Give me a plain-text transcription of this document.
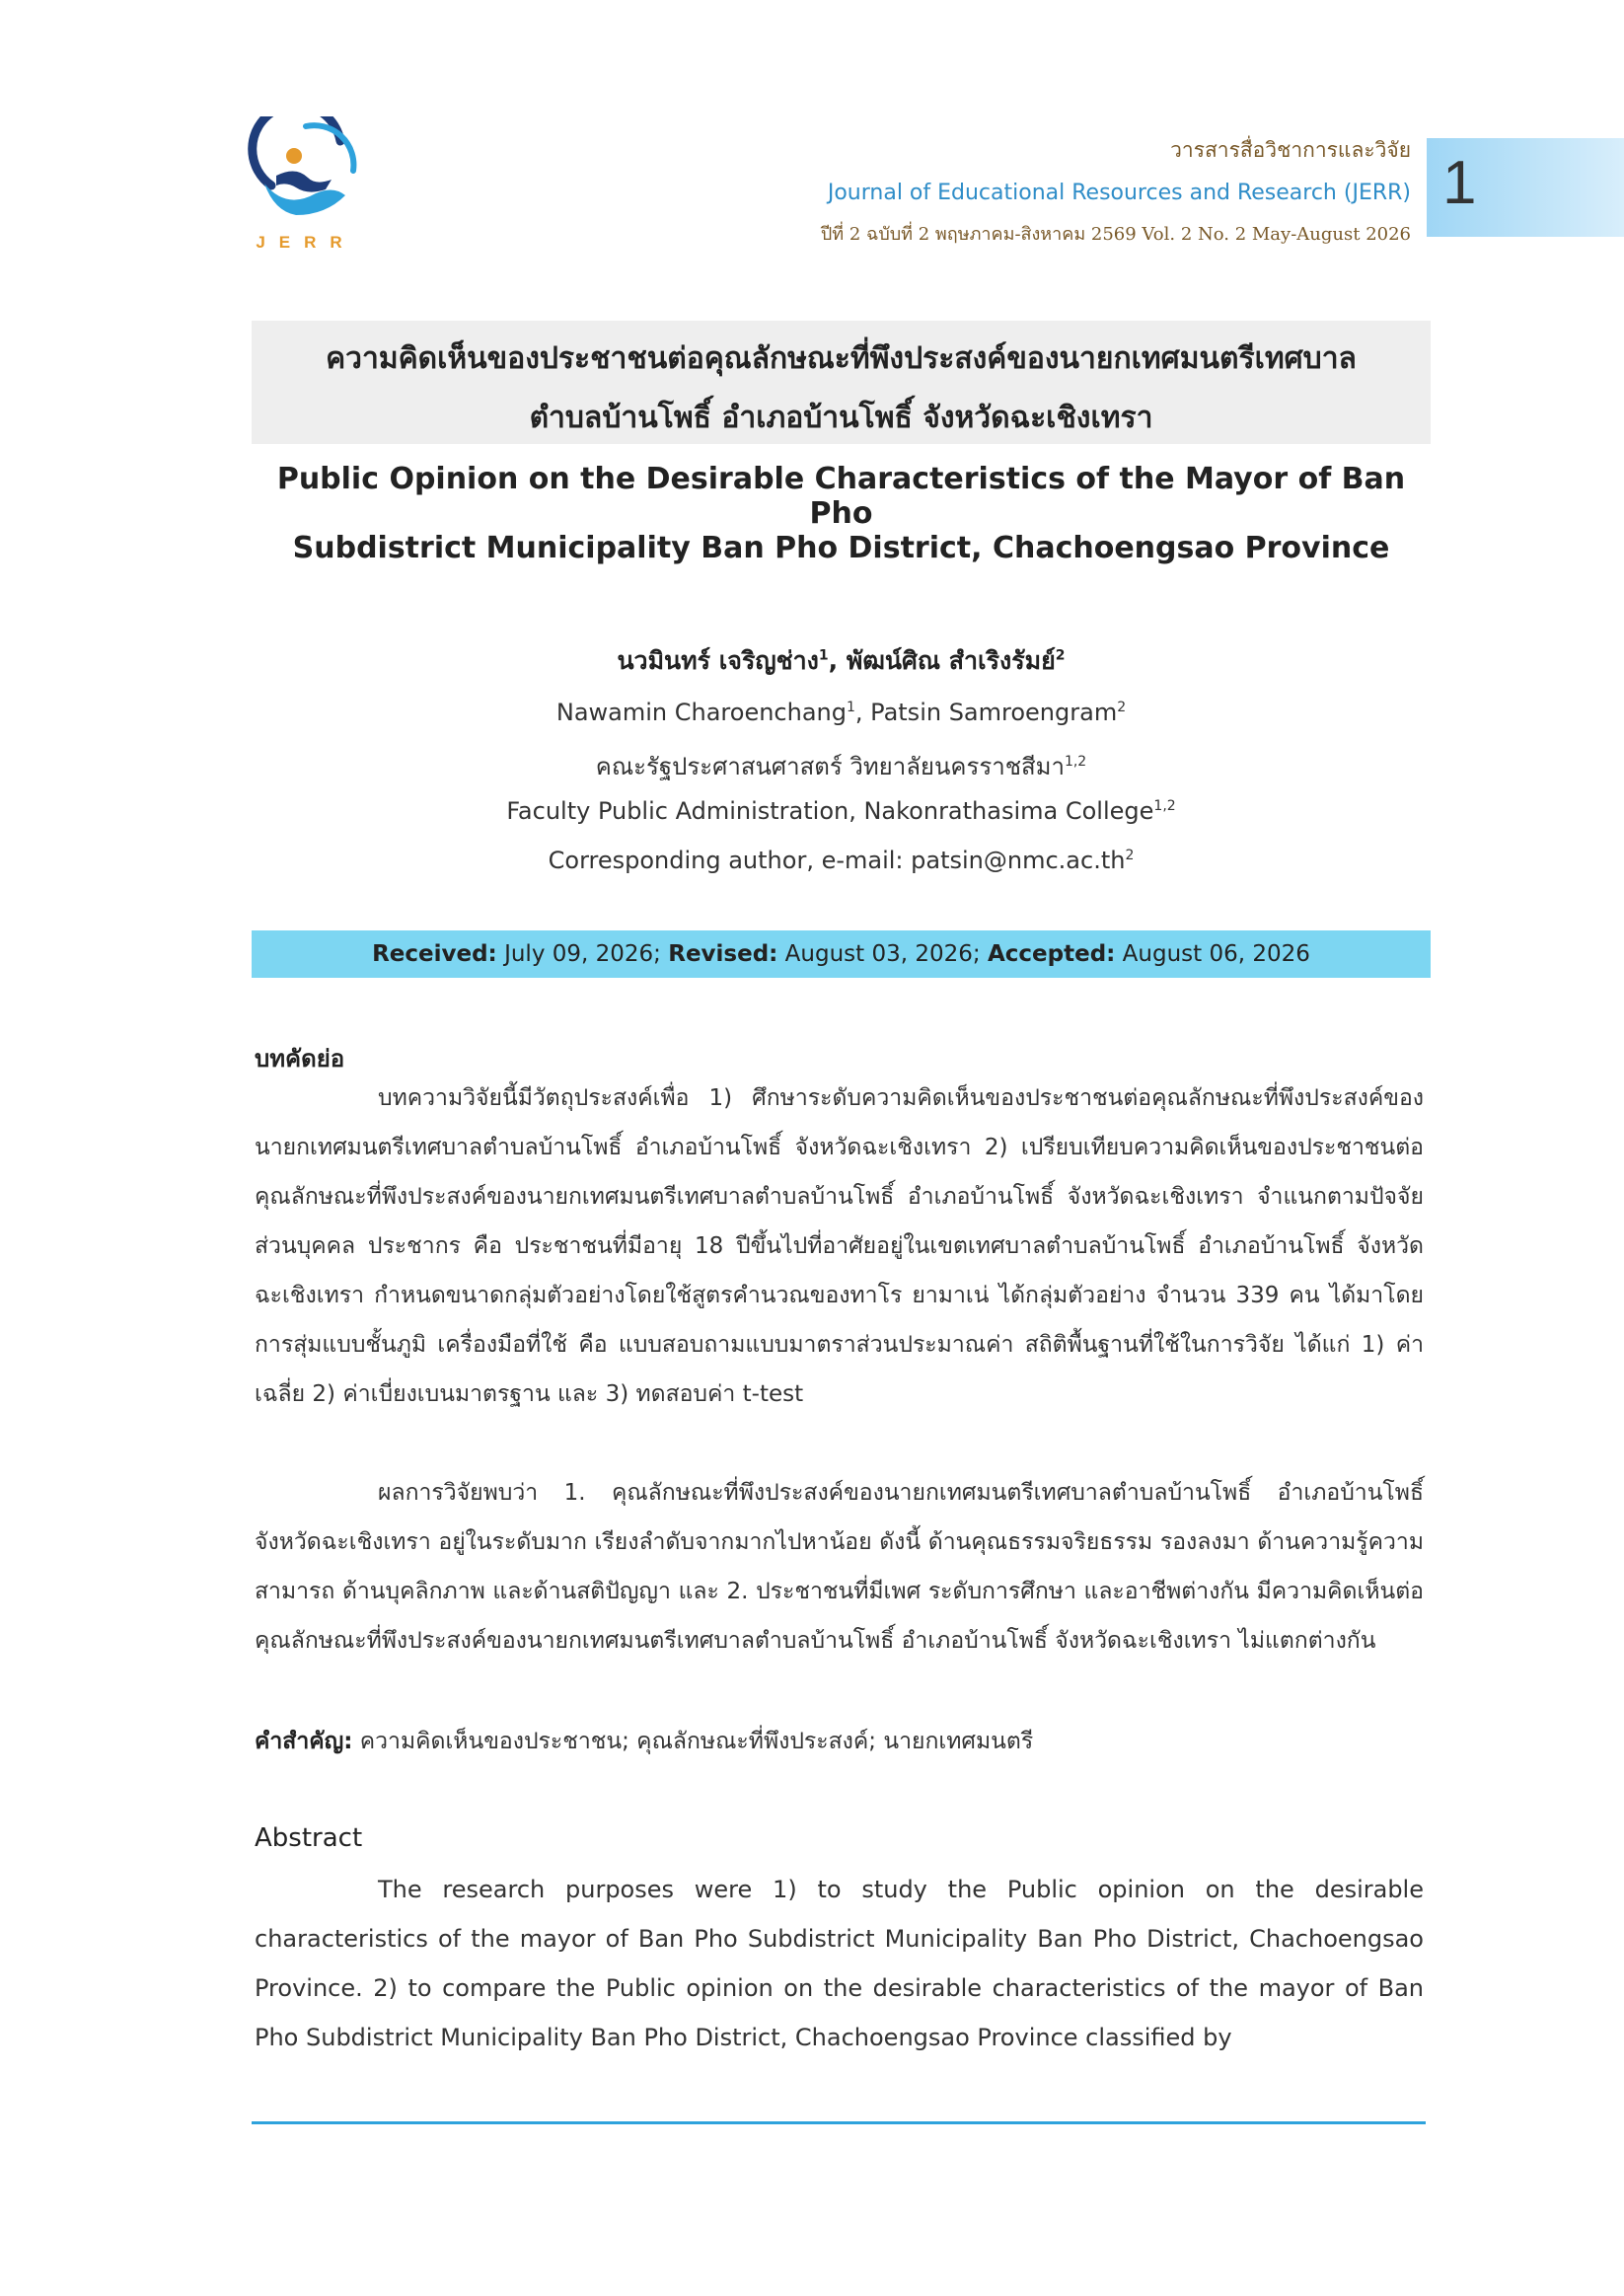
JERR
วารสารสื่อวิชาการและวิจัย
Journal of Educational Resources and Research (JERR)
ปีที่ 2 ฉบับที่ 2 พฤษภาคม-สิงหาคม 2569 Vol. 2 No. 2 May-August 2026
1
ความคิดเห็นของประชาชนต่อคุณลักษณะที่พึงประสงค์ของนายกเทศมนตรีเทศบาล
ตำบลบ้านโพธิ์ อำเภอบ้านโพธิ์ จังหวัดฉะเชิงเทรา
Public Opinion on the Desirable Characteristics of the Mayor of Ban Pho
Subdistrict Municipality Ban Pho District, Chachoengsao Province
นวมินทร์ เจริญช่าง$^1$, พัฒน์ศิณ สำเริงรัมย์$^2$
Nawamin Charoenchang$^1$, Patsin Samroengram$^2$
คณะรัฐประศาสนศาสตร์ วิทยาลัยนครราชสีมา$^{1,2}$
Faculty Public Administration, Nakonrathasima College$^{1,2}$
Corresponding author, e-mail: $patsin@nmc.ac.th^2$
Received: July 09, 2026; Revised: August 03, 2026; Accepted: August 06, 2026
บทคัดย่อ
บทความวิจัยนี้มีวัตถุประสงค์เพื่อ 1) ศึกษาระดับความคิดเห็นของประชาชนต่อคุณลักษณะที่พึงประสงค์ของนายกเทศมนตรีเทศบาลตำบลบ้านโพธิ์ อำเภอบ้านโพธิ์ จังหวัดฉะเชิงเทรา 2) เปรียบเทียบความคิดเห็นของประชาชนต่อคุณลักษณะที่พึงประสงค์ของนายกเทศมนตรีเทศบาลตำบลบ้านโพธิ์ อำเภอบ้านโพธิ์ จังหวัดฉะเชิงเทรา จำแนกตามปัจจัยส่วนบุคคล ประชากร คือ ประชาชนที่มีอายุ 18 ปีขึ้นไปที่อาศัยอยู่ในเขตเทศบาลตำบลบ้านโพธิ์ อำเภอบ้านโพธิ์ จังหวัดฉะเชิงเทรา กำหนดขนาดกลุ่มตัวอย่างโดยใช้สูตรคำนวณของทาโร ยามาเน่ ได้กลุ่มตัวอย่าง จำนวน 339 คน ได้มาโดยการสุ่มแบบชั้นภูมิ เครื่องมือที่ใช้ คือ แบบสอบถามแบบมาตราส่วนประมาณค่า สถิติพื้นฐานที่ใช้ในการวิจัย ได้แก่ 1) ค่าเฉลี่ย 2) ค่าเบี่ยงเบนมาตรฐาน และ 3) ทดสอบค่า t-test
ผลการวิจัยพบว่า 1. คุณลักษณะที่พึงประสงค์ของนายกเทศมนตรีเทศบาลตำบลบ้านโพธิ์ อำเภอบ้านโพธิ์ จังหวัดฉะเชิงเทรา อยู่ในระดับมาก เรียงลำดับจากมากไปหาน้อย ดังนี้ ด้านคุณธรรมจริยธรรม รองลงมา ด้านความรู้ความสามารถ ด้านบุคลิกภาพ และด้านสติปัญญา และ 2. ประชาชนที่มีเพศ ระดับการศึกษา และอาชีพต่างกัน มีความคิดเห็นต่อคุณลักษณะที่พึงประสงค์ของนายกเทศมนตรีเทศบาลตำบลบ้านโพธิ์ อำเภอบ้านโพธิ์ จังหวัดฉะเชิงเทรา ไม่แตกต่างกัน
คำสำคัญ: ความคิดเห็นของประชาชน; คุณลักษณะที่พึงประสงค์; นายกเทศมนตรี
Abstract
The research purposes were 1) to study the Public opinion on the desirable characteristics of the mayor of Ban Pho Subdistrict Municipality Ban Pho District, Chachoengsao Province. 2) to compare the Public opinion on the desirable characteristics of the mayor of Ban Pho Subdistrict Municipality Ban Pho District, Chachoengsao Province classified by
